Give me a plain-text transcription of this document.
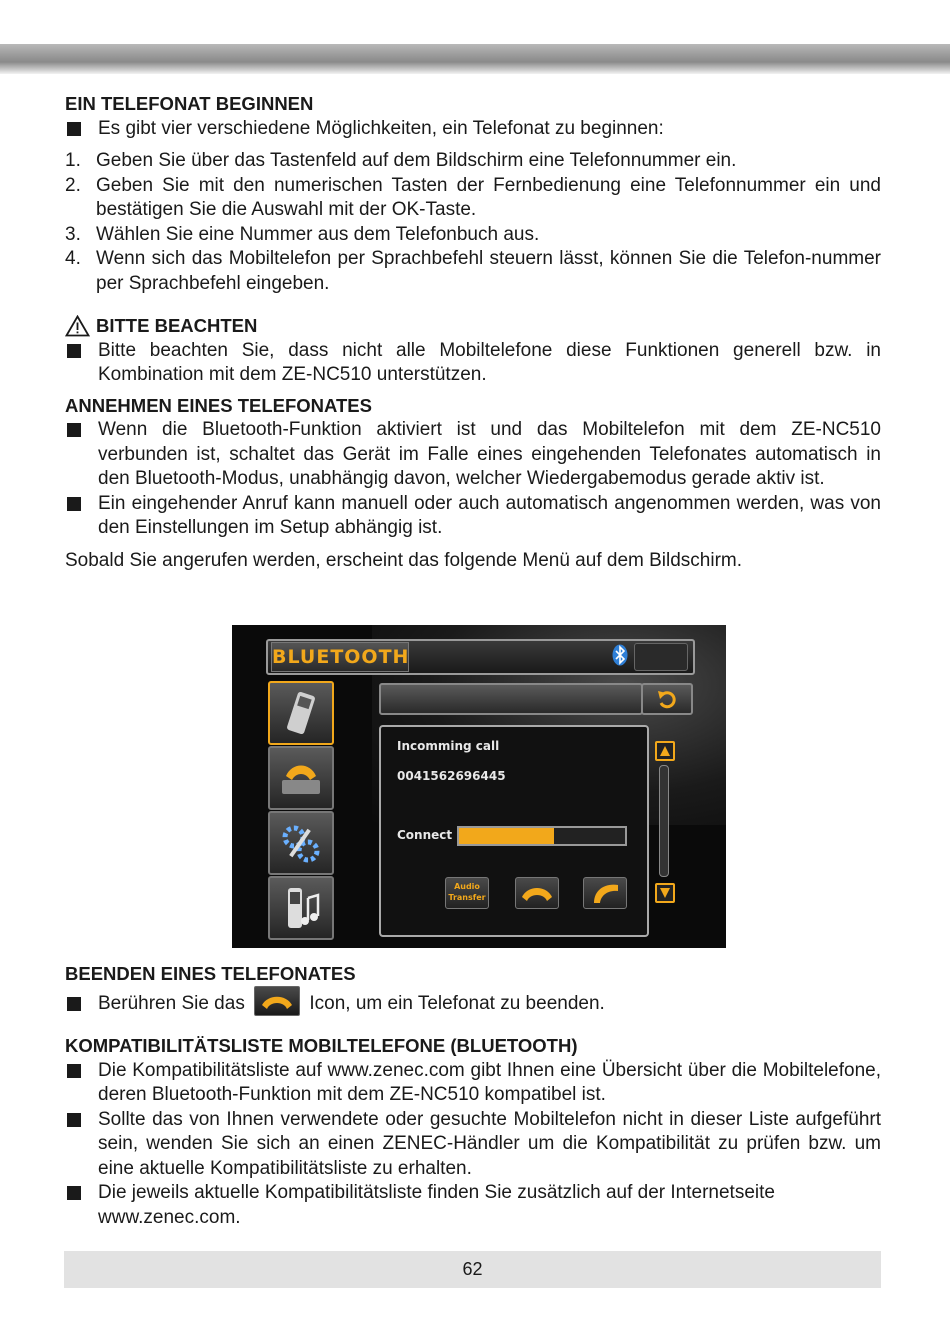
EIN TELEFONAT BEGINNEN

Es gibt vier verschiedene Möglichkeiten, ein Telefonat zu beginnen:
1. Geben Sie über das Tastenfeld auf dem Bildschirm eine Telefonnummer ein.
2. Geben Sie mit den numerischen Tasten der Fernbedienung eine Telefonnummer ein und bestätigen Sie die Auswahl mit der OK-Taste.
3. Wählen Sie eine Nummer aus dem Telefonbuch aus.
4. Wenn sich das Mobiltelefon per Sprachbefehl steuern lässt, können Sie die Telefon-nummer per Sprachbefehl eingeben.

BITTE BEACHTEN

Bitte beachten Sie, dass nicht alle Mobiltelefone diese Funktionen generell bzw. in Kombination mit dem ZE-NC510 unterstützen.

ANNEHMEN EINES TELEFONATES

Wenn die Bluetooth-Funktion aktiviert ist und das Mobiltelefon mit dem ZE-NC510 verbunden ist, schaltet das Gerät im Falle eines eingehenden Telefonates automatisch in den Bluetooth-Modus, unabhängig davon, welcher Wiedergabemodus gerade aktiv ist.
Ein eingehender Anruf kann manuell oder auch automatisch angenommen werden, was von den Einstellungen im Setup abhängig ist.

Sobald Sie angerufen werden, erscheint das folgende Menü auf dem Bildschirm.

BLUETOOTH
Incomming call
0041562696445
Connect
Audio
Transfer

BEENDEN EINES TELEFONATES

Berühren Sie das	Icon, um ein Telefonat zu beenden.

KOMPATIBILITÄTSLISTE MOBILTELEFONE (BLUETOOTH)

Die Kompatibilitätsliste auf www.zenec.com gibt Ihnen eine Übersicht über die Mobiltelefone, deren Bluetooth-Funktion mit dem ZE-NC510 kompatibel ist.
Sollte das von Ihnen verwendete oder gesuchte Mobiltelefon nicht in dieser Liste aufgeführt sein, wenden Sie sich an einen ZENEC-Händler um die Kompatibilität zu prüfen bzw. um eine aktuelle Kompatibilitätsliste zu erhalten.
Die jeweils aktuelle Kompatibilitätsliste finden Sie zusätzlich auf der Internetseite www.zenec.com.
62
